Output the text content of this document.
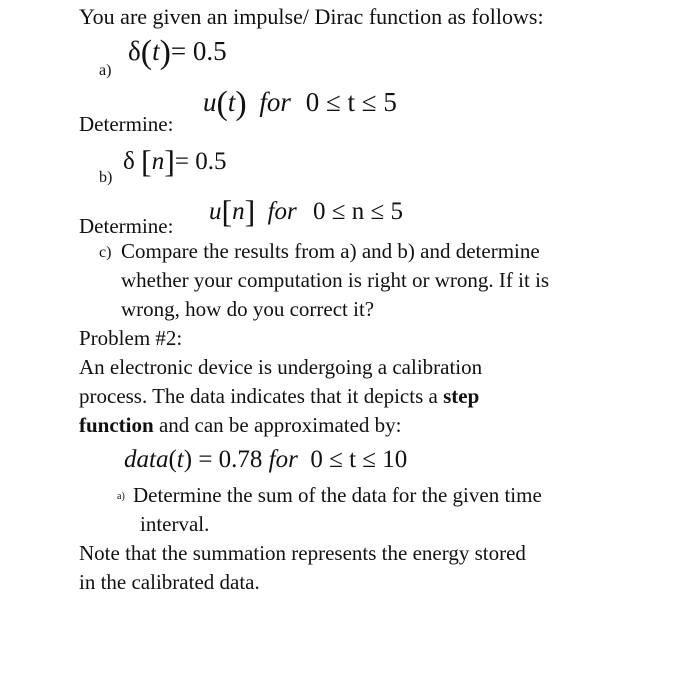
You are given an impulse/ Dirac function as follows:
δ(t)= 0.5
a)
u(t) for 0 ≤ t ≤ 5
Determine:
δ [n]= 0.5
b)
u[n] for 0 ≤ n ≤ 5
Determine:
c) Compare the results from a) and b) and determine
whether your computation is right or wrong. If it is
wrong, how do you correct it?
Problem #2:
An electronic device is undergoing a calibration
process. The data indicates that it depicts a step
function and can be approximated by:
data(t) = 0.78 for  0 ≤ t ≤ 10
a) Determine the sum of the data for the given time
interval.
Note that the summation represents the energy stored
in the calibrated data.
